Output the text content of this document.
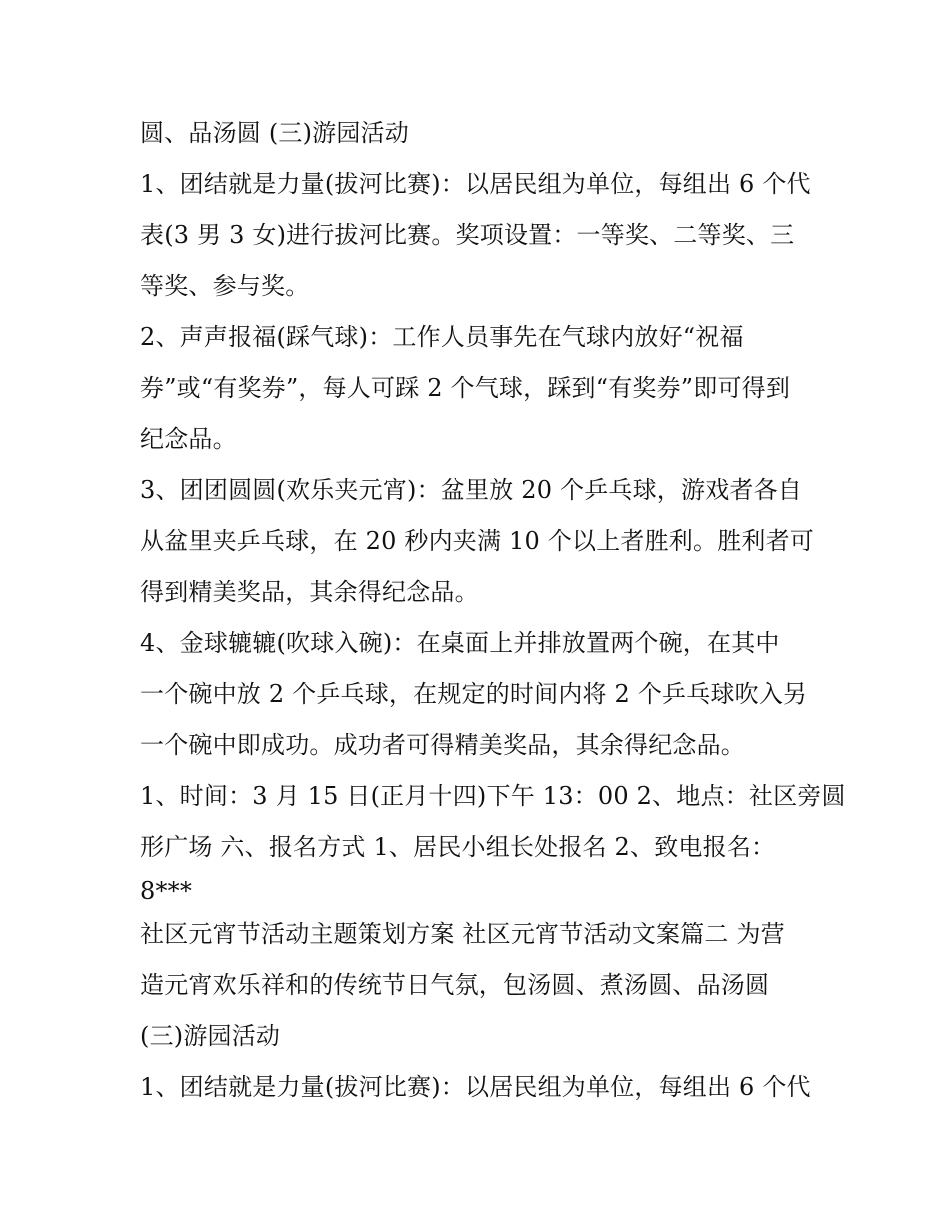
圆、品汤圆 (三)游园活动
1、团结就是力量(拔河比赛)：以居民组为单位，每组出 6 个代
表(3 男 3 女)进行拔河比赛。奖项设置：一等奖、二等奖、三
等奖、参与奖。
2、声声报福(踩气球)：工作人员事先在气球内放好“祝福
券”或“有奖券”，每人可踩 2 个气球，踩到“有奖券”即可得到
纪念品。
3、团团圆圆(欢乐夹元宵)：盆里放 20 个乒乓球，游戏者各自
从盆里夹乒乓球，在 20 秒内夹满 10 个以上者胜利。胜利者可
得到精美奖品，其余得纪念品。
4、金球辘辘(吹球入碗)：在桌面上并排放置两个碗，在其中
一个碗中放 2 个乒乓球，在规定的时间内将 2 个乒乓球吹入另
一个碗中即成功。成功者可得精美奖品，其余得纪念品。
1、时间：3 月 15 日(正月十四)下午 13：00 2、地点：社区旁圆
形广场 六、报名方式 1、居民小组长处报名 2、致电报名：
8***
社区元宵节活动主题策划方案 社区元宵节活动文案篇二 为营
造元宵欢乐祥和的传统节日气氛，包汤圆、煮汤圆、品汤圆
(三)游园活动
1、团结就是力量(拔河比赛)：以居民组为单位，每组出 6 个代
